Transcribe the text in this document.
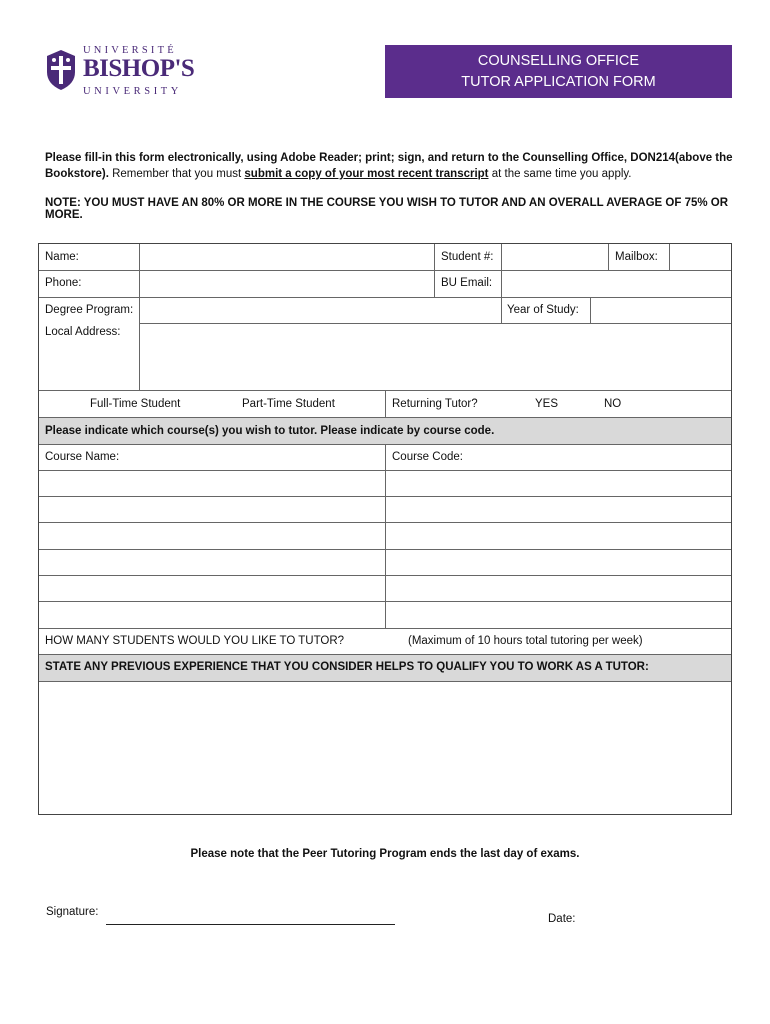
UNIVERSITÉ
BISHOP'S
UNIVERSITY
COUNSELLING OFFICE
TUTOR APPLICATION FORM
Please fill-in this form electronically, using Adobe Reader; print; sign, and return to the Counselling Office, DON214(above the Bookstore). Remember that you must submit a copy of your most recent transcript at the same time you apply.
NOTE: YOU MUST HAVE AN 80% OR MORE IN THE COURSE YOU WISH TO TUTOR AND AN OVERALL AVERAGE OF 75% OR MORE.
Name:	Student #:	Mailbox:
Phone:	BU Email:
Degree Program:	Year of Study:
Local Address:
Full-Time Student	Part-Time Student	Returning Tutor?	YES	NO
Please indicate which course(s) you wish to tutor. Please indicate by course code.
Course Name:	Course Code:
HOW MANY STUDENTS WOULD YOU LIKE TO TUTOR?	(Maximum of 10 hours total tutoring per week)
STATE ANY PREVIOUS EXPERIENCE THAT YOU CONSIDER HELPS TO QUALIFY YOU TO WORK AS A TUTOR:
Please note that the Peer Tutoring Program ends the last day of exams.
Signature:
Date:
